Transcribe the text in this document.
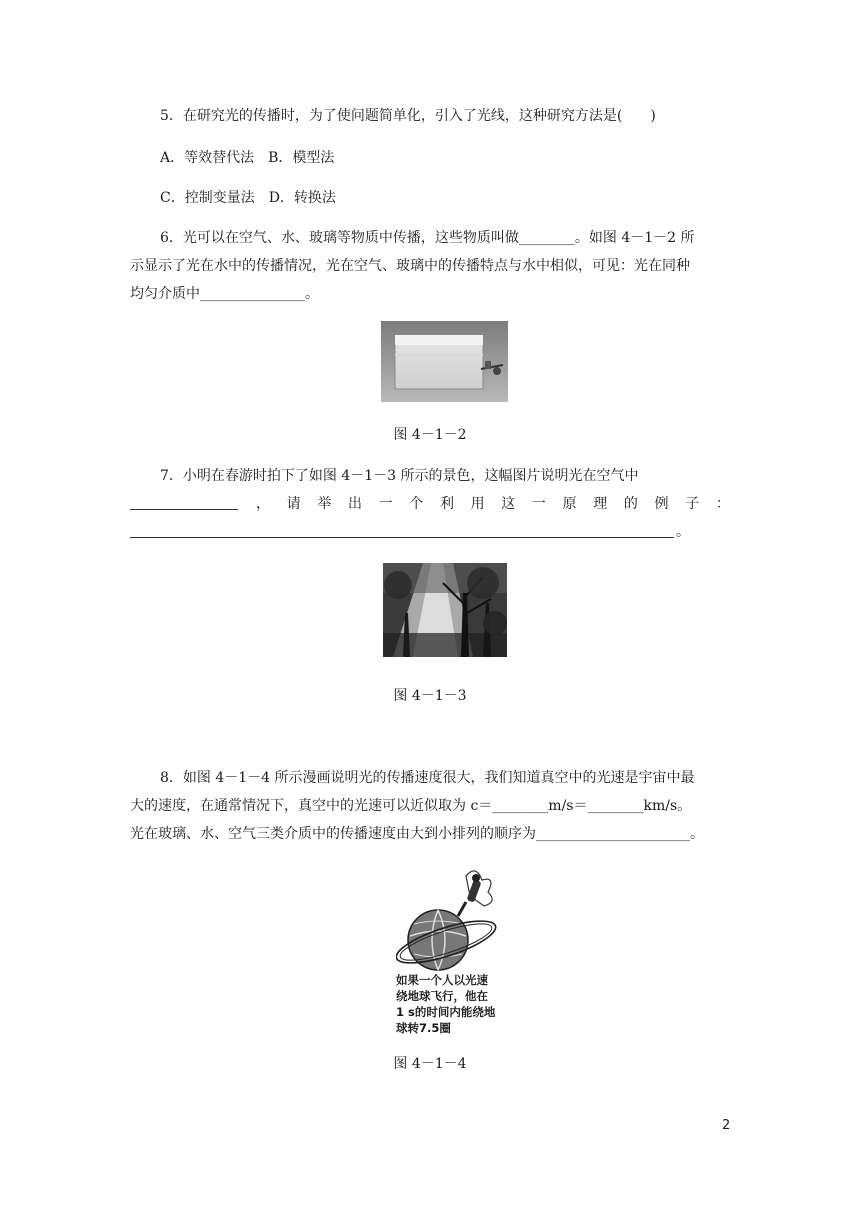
5．在研究光的传播时，为了使问题简单化，引入了光线，这种研究方法是(　　)
A．等效替代法　B．模型法
C．控制变量法　D．转换法
6．光可以在空气、水、玻璃等物质中传播，这些物质叫做________。如图 4－1－2 所
示显示了光在水中的传播情况，光在空气、玻璃中的传播特点与水中相似，可见：光在同种
均匀介质中_______________。
图 4－1－2
7．小明在春游时拍下了如图 4－1－3 所示的景色，这幅图片说明光在空气中
， 请 举 出 一 个 利 用 这 一 原 理 的 例 子 ：
。
图 4－1－3
8．如图 4－1－4 所示漫画说明光的传播速度很大，我们知道真空中的光速是宇宙中最
大的速度，在通常情况下，真空中的光速可以近似取为 c＝________m/s＝________km/s。
光在玻璃、水、空气三类介质中的传播速度由大到小排列的顺序为______________________。
如果一个人以光速
绕地球飞行，他在
1 s的时间内能绕地
球转7.5圈
图 4－1－4
2
